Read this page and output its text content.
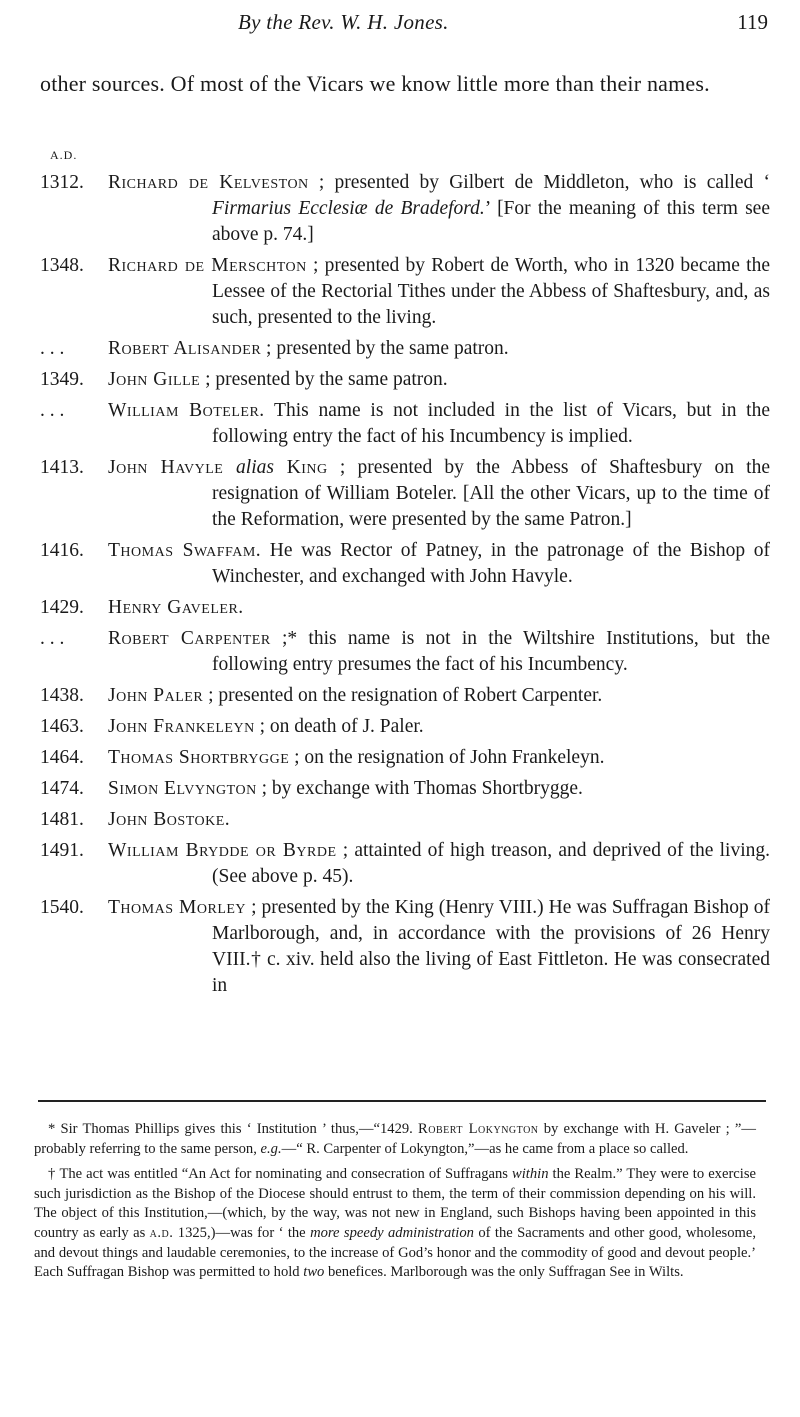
By the Rev. W. H. Jones.	119
other sources. Of most of the Vicars we know little more than their names.
A.D.
1312.	Richard de Kelveston ; presented by Gilbert de Middleton, who is called ‘ Firmarius Ecclesiæ de Bradeford.’ [For the meaning of this term see above p. 74.]
1348.	Richard de Merschton ; presented by Robert de Worth, who in 1320 became the Lessee of the Rectorial Tithes under the Abbess of Shaftesbury, and, as such, presented to the living.
. . .	Robert Alisander ; presented by the same patron.
1349.	John Gille ; presented by the same patron.
. . .	William Boteler. This name is not included in the list of Vicars, but in the following entry the fact of his Incumbency is implied.
1413.	John Havyle alias King ; presented by the Abbess of Shaftesbury on the resignation of William Boteler. [All the other Vicars, up to the time of the Reformation, were presented by the same Patron.]
1416.	Thomas Swaffam. He was Rector of Patney, in the patronage of the Bishop of Winchester, and exchanged with John Havyle.
1429.	Henry Gaveler.
. . .	Robert Carpenter ;* this name is not in the Wiltshire Institutions, but the following entry presumes the fact of his Incumbency.
1438.	John Paler ; presented on the resignation of Robert Carpenter.
1463.	John Frankeleyn ; on death of J. Paler.
1464.	Thomas Shortbrygge ; on the resignation of John Frankeleyn.
1474.	Simon Elvyngton ; by exchange with Thomas Shortbrygge.
1481.	John Bostoke.
1491.	William Brydde or Byrde ; attainted of high treason, and deprived of the living. (See above p. 45).
1540.	Thomas Morley ; presented by the King (Henry VIII.) He was Suffragan Bishop of Marlborough, and, in accordance with the provisions of 26 Henry VIII.† c. xiv. held also the living of East Fittleton. He was consecrated in
* Sir Thomas Phillips gives this ‘ Institution ’ thus,—“1429. Robert Lokyngton by exchange with H. Gaveler ; ”—probably referring to the same person, e.g.—“ R. Carpenter of Lokyngton,”—as he came from a place so called.
† The act was entitled “An Act for nominating and consecration of Suffragans within the Realm.” They were to exercise such jurisdiction as the Bishop of the Diocese should entrust to them, the term of their commission depending on his will. The object of this Institution,—(which, by the way, was not new in England, such Bishops having been appointed in this country as early as a.d. 1325,)—was for ‘ the more speedy administration of the Sacraments and other good, wholesome, and devout things and laudable ceremonies, to the increase of God’s honor and the commodity of good and devout people.’ Each Suffragan Bishop was permitted to hold two benefices. Marlborough was the only Suffragan See in Wilts.
